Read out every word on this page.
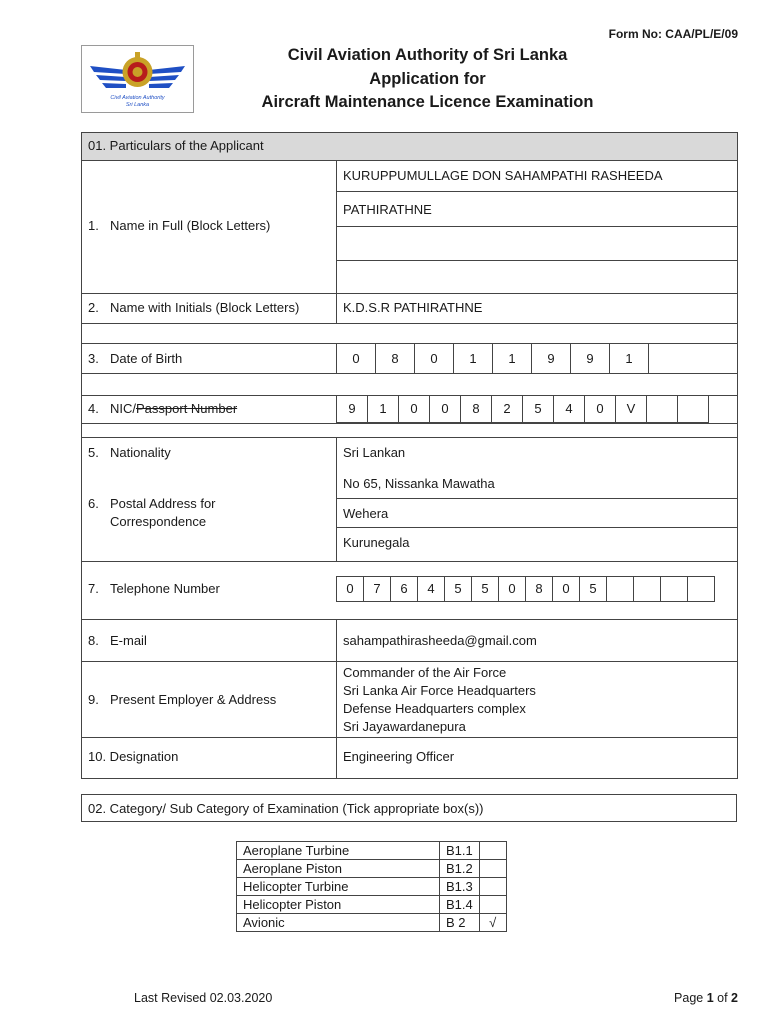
Form No: CAA/PL/E/09
Civil Aviation Authority
Sri Lanka
Civil Aviation Authority of Sri Lanka
Application for
Aircraft Maintenance Licence Examination
01. Particulars of the Applicant
1. Name in Full (Block Letters)
KURUPPUMULLAGE DON SAHAMPATHI RASHEEDA
PATHIRATHNE
2. Name with Initials (Block Letters)	K.D.S.R PATHIRATHNE
3. Date of Birth	0	8	0	1	1	9	9	1
4. NIC/Passport Number	9	1	0	0	8	2	5	4	0	V
5. Nationality	Sri Lankan
6. Postal Address for
Correspondence
No 65, Nissanka Mawatha
Wehera
Kurunegala
7. Telephone Number	0	7	6	4	5	5	0	8	0	5
8. E-mail	sahampathirasheeda@gmail.com
9. Present Employer & Address
Commander of the Air Force
Sri Lanka Air Force Headquarters
Defense Headquarters complex
Sri Jayawardanepura
10. Designation	Engineering Officer
02. Category/ Sub Category of Examination (Tick appropriate box(s))
Aeroplane Turbine	B1.1	
Aeroplane Piston	B1.2	
Helicopter Turbine	B1.3	
Helicopter Piston	B1.4	
Avionic	B 2	√
Last Revised 02.03.2020	Page 1 of 2
